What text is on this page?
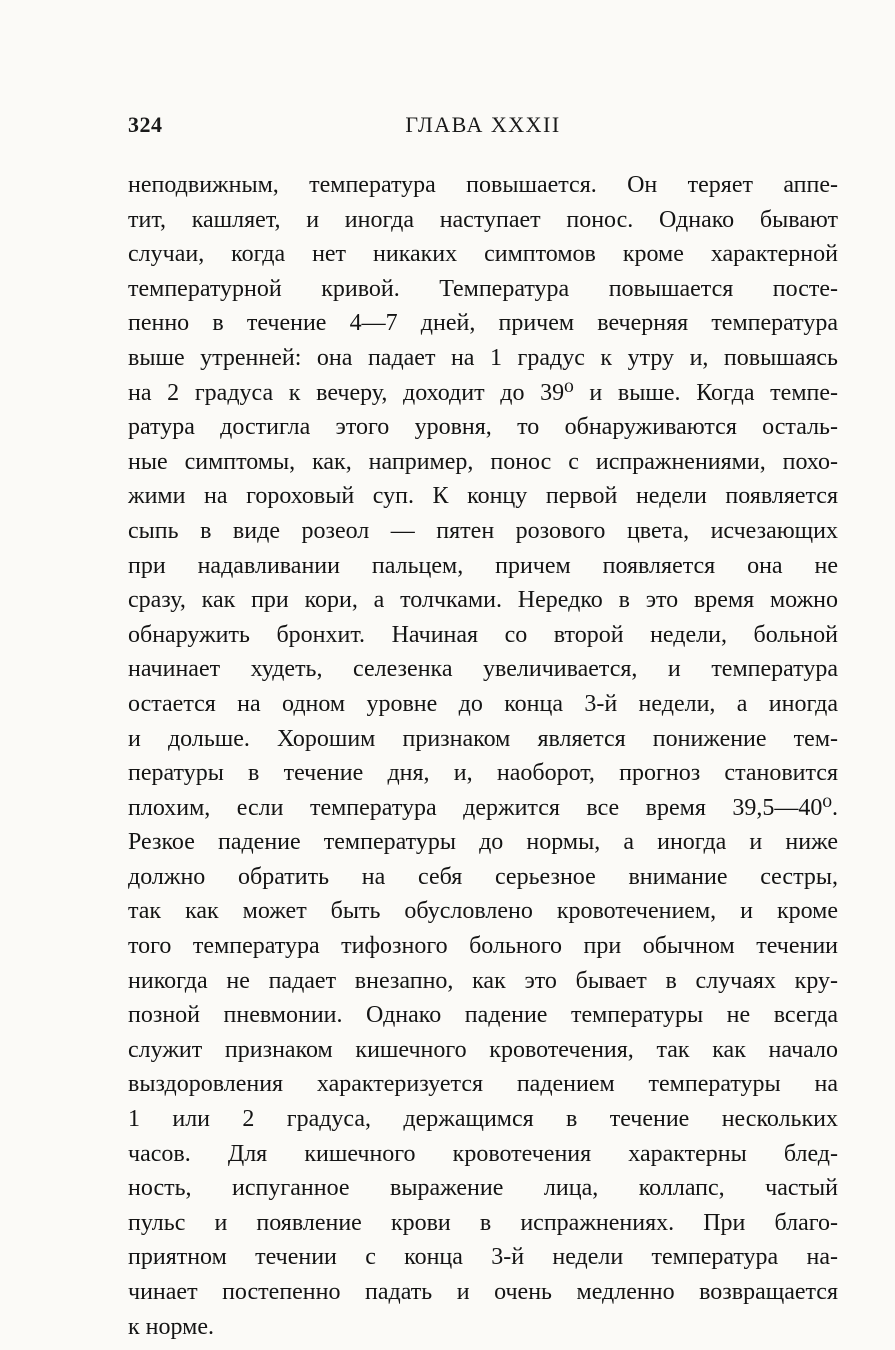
324	ГЛАВА XXXII
неподвижным, температура повышается. Он теряет аппе-
тит, кашляет, и иногда наступает понос. Однако бывают
случаи, когда нет никаких симптомов кроме характерной
температурной кривой. Температура повышается посте-
пенно в течение 4—7 дней, причем вечерняя температура
выше утренней: она падает на 1 градус к утру и, повышаясь
на 2 градуса к вечеру, доходит до 39⁰ и выше. Когда темпе-
ратура достигла этого уровня, то обнаруживаются осталь-
ные симптомы, как, например, понос с испражнениями, похо-
жими на гороховый суп. К концу первой недели появляется
сыпь в виде розеол — пятен розового цвета, исчезающих
при надавливании пальцем, причем появляется она не
сразу, как при кори, а толчками. Нередко в это время можно
обнаружить бронхит. Начиная со второй недели, больной
начинает худеть, селезенка увеличивается, и температура
остается на одном уровне до конца 3-й недели, а иногда
и дольше. Хорошим признаком является понижение тем-
пературы в течение дня, и, наоборот, прогноз становится
плохим, если температура держится все время 39,5—40⁰.
Резкое падение температуры до нормы, а иногда и ниже
должно обратить на себя серьезное внимание сестры,
так как может быть обусловлено кровотечением, и кроме
того температура тифозного больного при обычном течении
никогда не падает внезапно, как это бывает в случаях кру-
позной пневмонии. Однако падение температуры не всегда
служит признаком кишечного кровотечения, так как начало
выздоровления характеризуется падением температуры на
1 или 2 градуса, держащимся в течение нескольких
часов. Для кишечного кровотечения характерны блед-
ность, испуганное выражение лица, коллапс, частый
пульс и появление крови в испражнениях. При благо-
приятном течении с конца 3-й недели температура на-
чинает постепенно падать и очень медленно возвращается
к норме.
